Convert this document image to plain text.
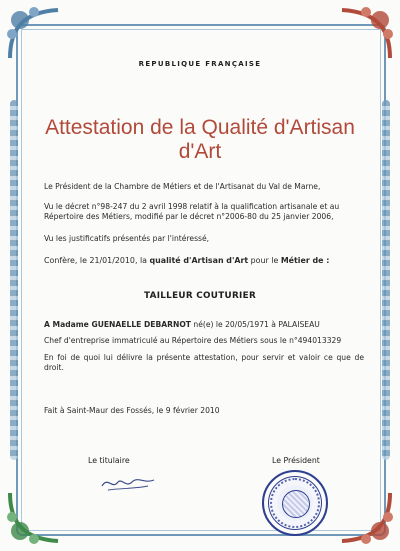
REPUBLIQUE FRANÇAISE
Attestation de la Qualité d'Artisan
d'Art
Le Président de la Chambre de Métiers et de l'Artisanat du Val de Marne,
Vu le décret n°98-247 du 2 avril 1998 relatif à la qualification artisanale et au Répertoire des Métiers, modifié par le décret n°2006-80 du 25 janvier 2006,
Vu les justificatifs présentés par l'intéressé,
Confère, le 21/01/2010, la qualité d'Artisan d'Art pour le Métier de :
TAILLEUR COUTURIER
A Madame GUENAELLE DEBARNOT né(e) le 20/05/1971 à PALAISEAU
Chef d'entreprise immatriculé au Répertoire des Métiers sous le n°494013329
En foi de quoi lui délivre la présente attestation, pour servir et valoir ce que de droit.
Fait à Saint-Maur des Fossés, le 9 février 2010
Le titulaire	Le Président
